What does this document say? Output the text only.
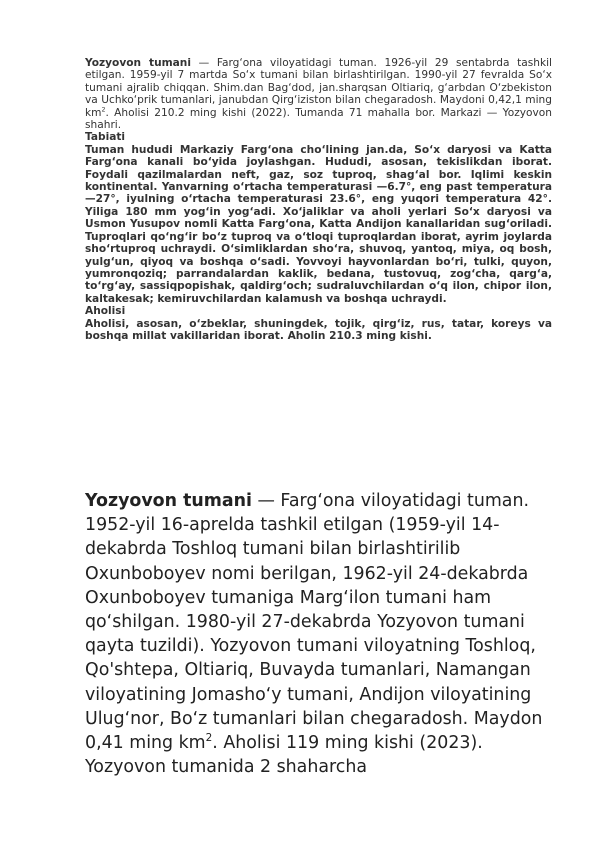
Yozyovon tumani — Farg‘ona viloyatidagi tuman. 1926-yil 29 sentabrda tashkil etilgan. 1959-yil 7 martda So‘x tumani bilan birlashtirilgan. 1990-yil 27 fevralda So‘x tumani ajralib chiqqan. Shim.dan Bag‘dod, jan.sharqsan Oltiariq, g‘arbdan O‘zbekiston va Uchko‘prik tumanlari, janubdan Qirg‘iziston bilan chegaradosh. Maydoni 0,42,1 ming $km^2$. Aholisi 210.2 ming kishi (2022). Tumanda 71 mahalla bor. Markazi — Yozyovon shahri.

Tabiati

Tuman hududi Markaziy Farg‘ona cho‘lining jan.da, So‘x daryosi va Katta Farg‘ona kanali bo‘yida joylashgan. Hududi, asosan, tekislikdan iborat. Foydali qazilmalardan neft, gaz, soz tuproq, shag‘al bor. Iqlimi keskin kontinental. Yanvarning o‘rtacha temperaturasi —6.7°, eng past temperatura —27°, iyulning o‘rtacha temperaturasi 23.6°, eng yuqori temperatura 42°. Yiliga 180 mm yog‘in yog‘adi. Xo‘jaliklar va aholi yerlari So‘x daryosi va Usmon Yusupov nomli Katta Farg‘ona, Katta Andijon kanallaridan sug‘oriladi. Tuproqlari qo‘ng‘ir bo‘z tuproq va o‘tloqi tuproqlardan iborat, ayrim joylarda sho‘rtuproq uchraydi. O‘simliklardan sho‘ra, shuvoq, yantoq, miya, oq bosh, yulg‘un, qiyoq va boshqa o‘sadi. Yovvoyi hayvonlardan bo‘ri, tulki, quyon, yumronqoziq; parrandalardan kaklik, bedana, tustovuq, zog‘cha, qarg‘a, to‘rg‘ay, sassiqpopishak, qaldirg‘och; sudraluvchilardan o‘q ilon, chipor ilon, kaltakesak; kemiruvchilardan kalamush va boshqa uchraydi.

Aholisi

Aholisi, asosan, o‘zbeklar, shuningdek, tojik, qirg‘iz, rus, tatar, koreys va boshqa millat vakillaridan iborat. Aholin 210.3 ming kishi.

Yozyovon tumani — Farg‘ona viloyatidagi tuman. 1952-yil 16-aprelda tashkil etilgan (1959-yil 14-dekabrda Toshloq tumani bilan birlashtirilib Oxunboboyev nomi berilgan, 1962-yil 24-dekabrda Oxunboboyev tumaniga Marg‘ilon tumani ham qo‘shilgan. 1980-yil 27-dekabrda Yozyovon tumani qayta tuzildi). Yozyovon tumani viloyatning Toshloq, Qo'shtepa, Oltiariq, Buvayda tumanlari, Namangan viloyatining Jomasho‘y tumani, Andijon viloyatining Ulug‘nor, Bo‘z tumanlari bilan chegaradosh. Maydon 0,41 ming $km^2$. Aholisi 119 ming kishi (2023). Yozyovon tumanida 2 shaharcha
